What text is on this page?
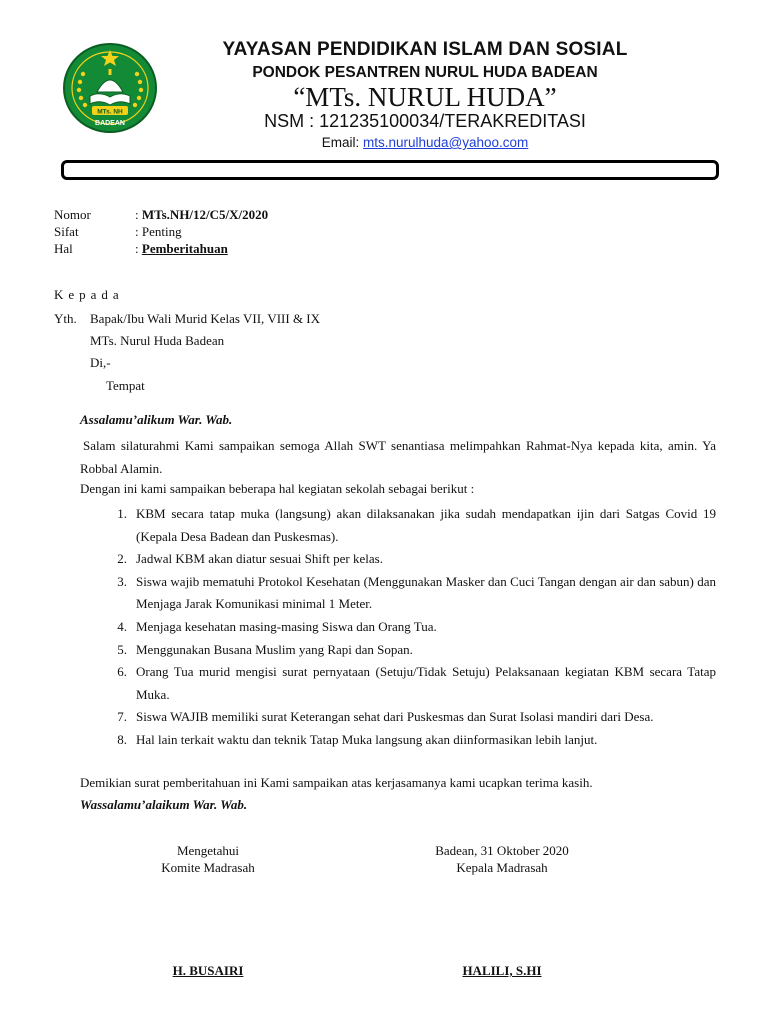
MTs. NH
BADEAN
YAYASAN PENDIDIKAN ISLAM DAN SOSIAL
PONDOK PESANTREN NURUL HUDA BADEAN
“MTs. NURUL HUDA”
NSM : 121235100034/TERAKREDITASI
Email: mts.nurulhuda@yahoo.com
Nomor	: MTs.NH/12/C5/X/2020
Sifat	: Penting
Hal	: Pemberitahuan
Kepada
Yth. Bapak/Ibu Wali Murid Kelas VII, VIII & IX
MTs. Nurul Huda Badean
Di,-
Tempat
Assalamu’alikum War. Wab.
Salam silaturahmi Kami sampaikan semoga Allah SWT senantiasa melimpahkan Rahmat-Nya kepada kita, amin. Ya Robbal Alamin.
Dengan ini kami sampaikan beberapa hal kegiatan sekolah sebagai berikut :
1. KBM secara tatap muka (langsung) akan dilaksanakan jika sudah mendapatkan ijin dari Satgas Covid 19 (Kepala Desa Badean dan Puskesmas).
2. Jadwal KBM akan diatur sesuai Shift per kelas.
3. Siswa wajib mematuhi Protokol Kesehatan (Menggunakan Masker dan Cuci Tangan dengan air dan sabun) dan Menjaga Jarak Komunikasi minimal 1 Meter.
4. Menjaga kesehatan masing-masing Siswa dan Orang Tua.
5. Menggunakan Busana Muslim yang Rapi dan Sopan.
6. Orang Tua murid mengisi surat pernyataan (Setuju/Tidak Setuju) Pelaksanaan kegiatan KBM secara Tatap Muka.
7. Siswa WAJIB memiliki surat Keterangan sehat dari Puskesmas dan Surat Isolasi mandiri dari Desa.
8. Hal lain terkait waktu dan teknik Tatap Muka langsung akan diinformasikan lebih lanjut.
Demikian surat pemberitahuan ini Kami sampaikan atas kerjasamanya kami ucapkan terima kasih.
Wassalamu’alaikum War. Wab.
Mengetahui
Komite Madrasah
Badean, 31 Oktober 2020
Kepala Madrasah
H. BUSAIRI	HALILI, S.HI
